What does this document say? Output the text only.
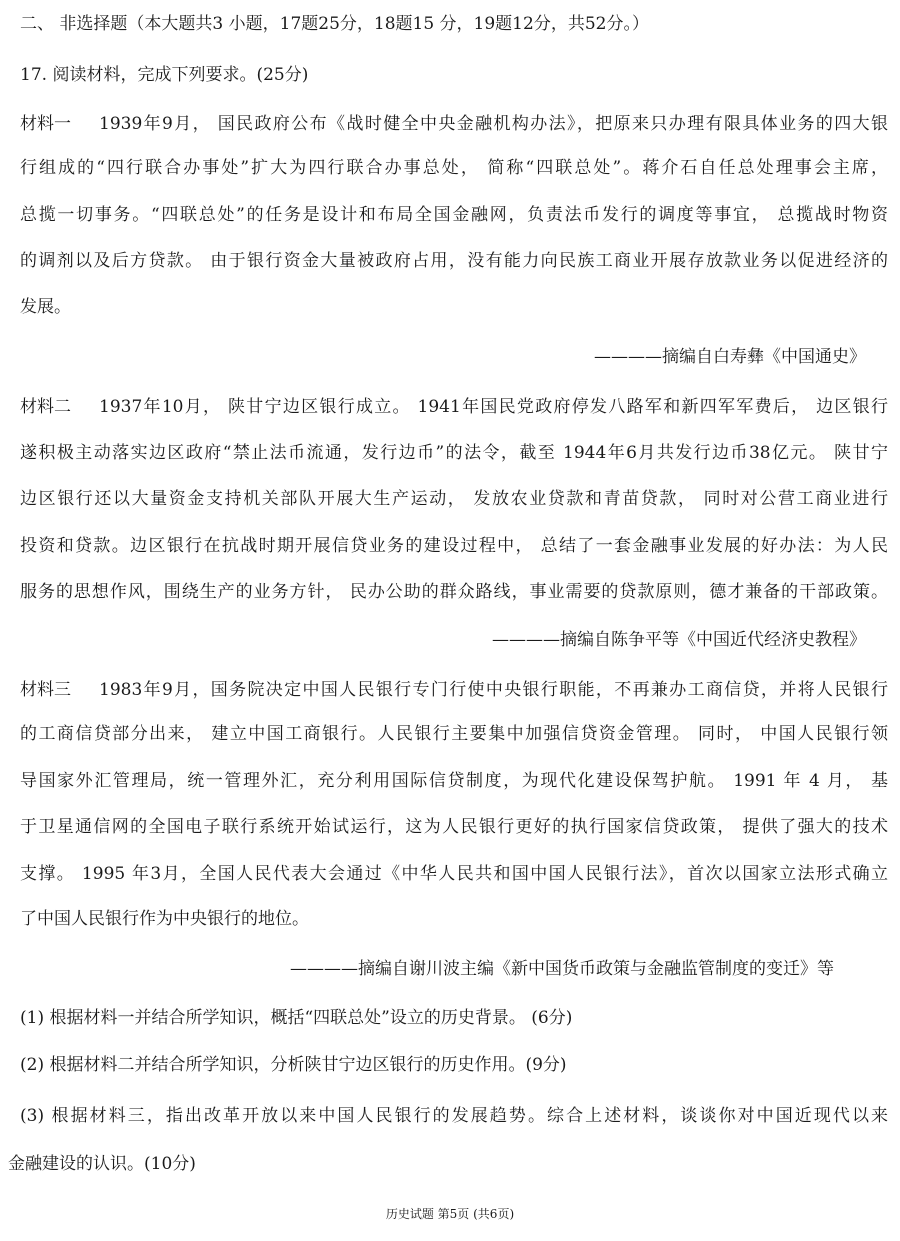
二、 非选择题（本大题共3 小题，17题25分，18题15 分，19题12分，共52分。）
17. 阅读材料，完成下列要求。(25分)
材料一 1939年9月， 国民政府公布《战时健全中央金融机构办法》，把原来只办理有限具体业务的四大银
行组成的“四行联合办事处”扩大为四行联合办事总处， 简称“四联总处”。蒋介石自任总处理事会主席，
总揽一切事务。“四联总处”的任务是设计和布局全国金融网，负责法币发行的调度等事宜， 总揽战时物资
的调剂以及后方贷款。 由于银行资金大量被政府占用，没有能力向民族工商业开展存放款业务以促进经济的
发展。
————摘编自白寿彝《中国通史》
材料二 1937年10月， 陕甘宁边区银行成立。 1941年国民党政府停发八路军和新四军军费后， 边区银行
遂积极主动落实边区政府“禁止法币流通，发行边币”的法令，截至 1944年6月共发行边币38亿元。 陕甘宁
边区银行还以大量资金支持机关部队开展大生产运动， 发放农业贷款和青苗贷款， 同时对公营工商业进行
投资和贷款。边区银行在抗战时期开展信贷业务的建设过程中， 总结了一套金融事业发展的好办法：为人民
服务的思想作风，围绕生产的业务方针， 民办公助的群众路线，事业需要的贷款原则，德才兼备的干部政策。
————摘编自陈争平等《中国近代经济史教程》
材料三 1983年9月，国务院决定中国人民银行专门行使中央银行职能，不再兼办工商信贷，并将人民银行
的工商信贷部分出来， 建立中国工商银行。人民银行主要集中加强信贷资金管理。 同时， 中国人民银行领
导国家外汇管理局，统一管理外汇，充分利用国际信贷制度，为现代化建设保驾护航。 1991 年 4 月， 基
于卫星通信网的全国电子联行系统开始试运行，这为人民银行更好的执行国家信贷政策， 提供了强大的技术
支撑。 1995 年3月，全国人民代表大会通过《中华人民共和国中国人民银行法》，首次以国家立法形式确立
了中国人民银行作为中央银行的地位。
————摘编自谢川波主编《新中国货币政策与金融监管制度的变迁》等
(1) 根据材料一并结合所学知识，概括“四联总处”设立的历史背景。 (6分)
(2) 根据材料二并结合所学知识，分析陕甘宁边区银行的历史作用。(9分)
(3) 根据材料三，指出改革开放以来中国人民银行的发展趋势。综合上述材料，谈谈你对中国近现代以来
金融建设的认识。(10分)
历史试题 第5页 (共6页)
